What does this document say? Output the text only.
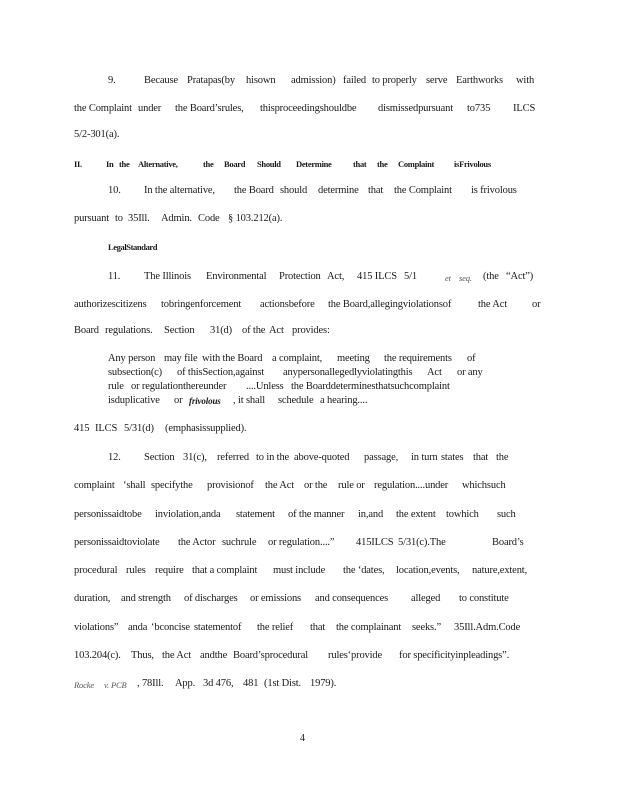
9.	Because Pratapas(by hisown admission) failed to properly serve Earthworks with
the Complaint under the Board’srules, thisproceedingshouldbe dismissedpursuant to735 ILCS
5/2-301(a).
II.	In the Alternative,	the Board Should Determine	that the Complaint isFrivolous
10. In the alternative, the Board should determine that the Complaint is frivolous
pursuant to 35Ill. Admin. Code § 103.212(a).
LegalStandard
11. The Illinois Environmental Protection Act, 415 ILCS 5/1	et seq. (the “Act”)
authorizescitizens tobringenforcement actionsbefore the Board,allegingviolationsof	the Act or
Board regulations. Section 31(d) of the Act provides:
Any person may file with the Board a complaint, meeting the requirements of
subsection(c) of thisSection,against anypersonallegedlyviolatingthis Act or any
rule or regulationthereunder ....Unless the Boarddeterminesthatsuchcomplaint
isduplicative or frivolous , it shall schedule a hearing....
415 ILCS 5/31(d) (emphasissupplied).
12. Section 31(c), referred to in the above-quoted passage, in turn states that the
complaint ‘shall specifythe provisionof the Act or the rule or regulation....under whichsuch
personissaidtobe inviolation,anda statement of the manner in,and the extent towhich such
personissaidtoviolate the Actor suchrule or regulation....” 415ILCS 5/31(c).The	Board’s
procedural rules require that a complaint must include the ‘dates, location,events, nature,extent,
duration, and strength of discharges or emissions and consequences alleged to constitute
violations” anda ‘bconcise statementof the relief that the complainant seeks.” 35Ill.Adm.Code
103.204(c). Thus, the Act andthe Board’sprocedural rules‘provide for specificityinpleadings”.
Rocke v. PCB , 78Ill. App. 3d 476, 481 (1st Dist. 1979).
4
